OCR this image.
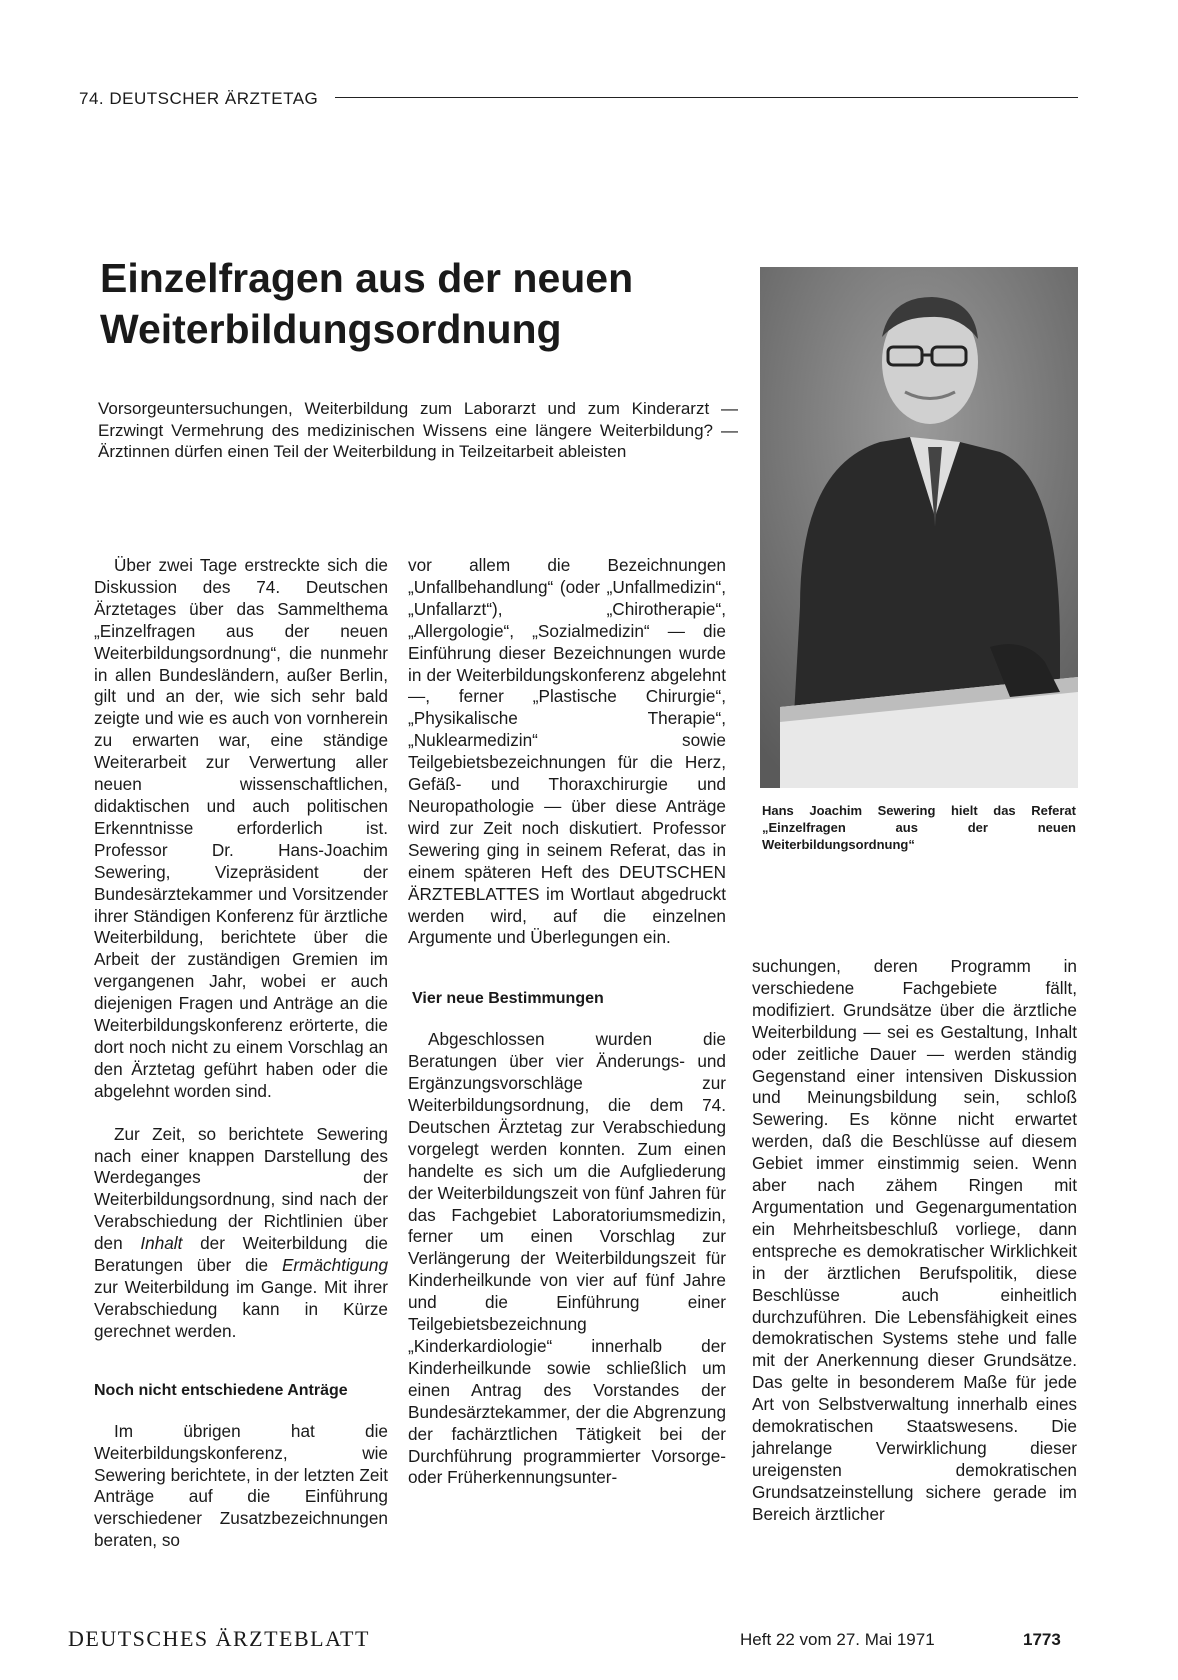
74. DEUTSCHER ÄRZTETAG
Einzelfragen aus der neuen Weiterbildungsordnung

Vorsorgeuntersuchungen, Weiterbildung zum Laborarzt und zum Kinderarzt — Erzwingt Vermehrung des medizinischen Wissens eine längere Weiterbildung? — Ärztinnen dürfen einen Teil der Weiterbildung in Teilzeitarbeit ableisten

Hans Joachim Sewering hielt das Referat „Einzelfragen aus der neuen Weiterbildungsordnung“

Über zwei Tage erstreckte sich die Diskussion des 74. Deutschen Ärztetages über das Sammelthema „Einzelfragen aus der neuen Weiterbildungsordnung“, die nunmehr in allen Bundesländern, außer Berlin, gilt und an der, wie sich sehr bald zeigte und wie es auch von vornherein zu erwarten war, eine ständige Weiterarbeit zur Verwertung aller neuen wissenschaftlichen, didaktischen und auch politischen Erkenntnisse erforderlich ist. Professor Dr. Hans-Joachim Sewering, Vizepräsident der Bundesärztekammer und Vorsitzender ihrer Ständigen Konferenz für ärztliche Weiterbildung, berichtete über die Arbeit der zuständigen Gremien im vergangenen Jahr, wobei er auch diejenigen Fragen und Anträge an die Weiterbildungskonferenz erörterte, die dort noch nicht zu einem Vorschlag an den Ärztetag geführt haben oder die abgelehnt worden sind.

Zur Zeit, so berichtete Sewering nach einer knappen Darstellung des Werdeganges der Weiterbildungsordnung, sind nach der Verabschiedung der Richtlinien über den Inhalt der Weiterbildung die Beratungen über die Ermächtigung zur Weiterbildung im Gange. Mit ihrer Verabschiedung kann in Kürze gerechnet werden.

Noch nicht entschiedene Anträge

Im übrigen hat die Weiterbildungskonferenz, wie Sewering berichtete, in der letzten Zeit Anträge auf die Einführung verschiedener Zusatzbezeichnungen beraten, so

vor allem die Bezeichnungen „Unfallbehandlung“ (oder „Unfallmedizin“, „Unfallarzt“), „Chirotherapie“, „Allergologie“, „Sozialmedizin“ — die Einführung dieser Bezeichnungen wurde in der Weiterbildungskonferenz abgelehnt —, ferner „Plastische Chirurgie“, „Physikalische Therapie“, „Nuklearmedizin“ sowie Teilgebietsbezeichnungen für die Herz, Gefäß- und Thoraxchirurgie und Neuropathologie — über diese Anträge wird zur Zeit noch diskutiert. Professor Sewering ging in seinem Referat, das in einem späteren Heft des DEUTSCHEN ÄRZTEBLATTES im Wortlaut abgedruckt werden wird, auf die einzelnen Argumente und Überlegungen ein.

Vier neue Bestimmungen

Abgeschlossen wurden die Beratungen über vier Änderungs- und Ergänzungsvorschläge zur Weiterbildungsordnung, die dem 74. Deutschen Ärztetag zur Verabschiedung vorgelegt werden konnten. Zum einen handelte es sich um die Aufgliederung der Weiterbildungszeit von fünf Jahren für das Fachgebiet Laboratoriumsmedizin, ferner um einen Vorschlag zur Verlängerung der Weiterbildungszeit für Kinderheilkunde von vier auf fünf Jahre und die Einführung einer Teilgebietsbezeichnung „Kinderkardiologie“ innerhalb der Kinderheilkunde sowie schließlich um einen Antrag des Vorstandes der Bundesärztekammer, der die Abgrenzung der fachärztlichen Tätigkeit bei der Durchführung programmierter Vorsorge- oder Früherkennungsunter-

suchungen, deren Programm in verschiedene Fachgebiete fällt, modifiziert. Grundsätze über die ärztliche Weiterbildung — sei es Gestaltung, Inhalt oder zeitliche Dauer — werden ständig Gegenstand einer intensiven Diskussion und Meinungsbildung sein, schloß Sewering. Es könne nicht erwartet werden, daß die Beschlüsse auf diesem Gebiet immer einstimmig seien. Wenn aber nach zähem Ringen mit Argumentation und Gegenargumentation ein Mehrheitsbeschluß vorliege, dann entspreche es demokratischer Wirklichkeit in der ärztlichen Berufspolitik, diese Beschlüsse auch einheitlich durchzuführen. Die Lebensfähigkeit eines demokratischen Systems stehe und falle mit der Anerkennung dieser Grundsätze. Das gelte in besonderem Maße für jede Art von Selbstverwaltung innerhalb eines demokratischen Staatswesens. Die jahrelange Verwirklichung dieser ureigensten demokratischen Grundsatzeinstellung sichere gerade im Bereich ärztlicher

DEUTSCHES ÄRZTEBLATT	Heft 22 vom 27. Mai 1971	1773
